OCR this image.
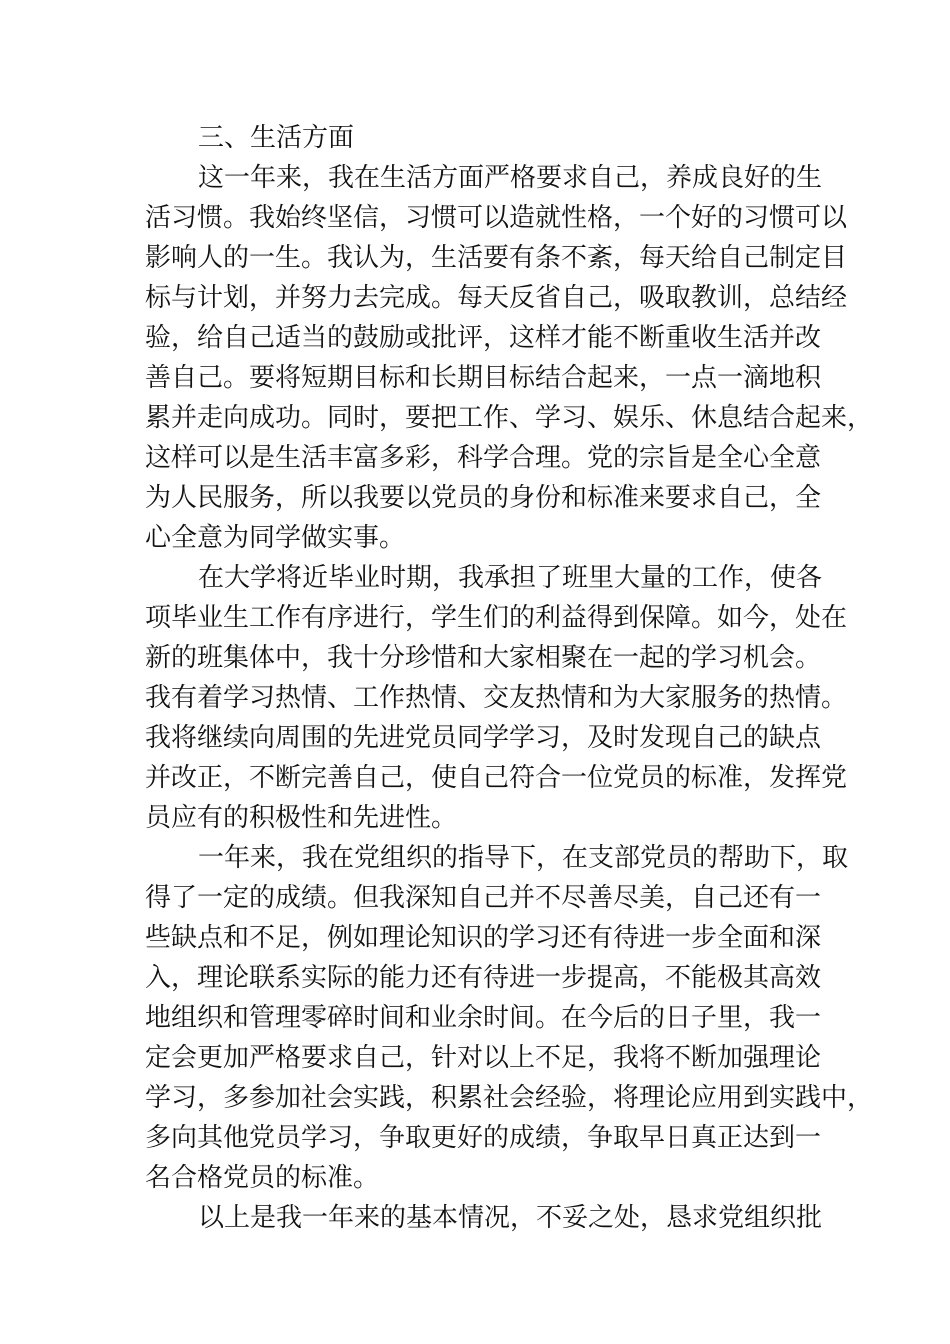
三、生活方面
这一年来，我在生活方面严格要求自己，养成良好的生
活习惯。我始终坚信，习惯可以造就性格，一个好的习惯可以
影响人的一生。我认为，生活要有条不紊，每天给自己制定目
标与计划，并努力去完成。每天反省自己，吸取教训，总结经
验，给自己适当的鼓励或批评，这样才能不断重收生活并改
善自己。要将短期目标和长期目标结合起来，一点一滴地积
累并走向成功。同时，要把工作、学习、娱乐、休息结合起来，
这样可以是生活丰富多彩，科学合理。党的宗旨是全心全意
为人民服务，所以我要以党员的身份和标准来要求自己，全
心全意为同学做实事。
在大学将近毕业时期，我承担了班里大量的工作，使各
项毕业生工作有序进行，学生们的利益得到保障。如今，处在
新的班集体中，我十分珍惜和大家相聚在一起的学习机会。
我有着学习热情、工作热情、交友热情和为大家服务的热情。
我将继续向周围的先进党员同学学习，及时发现自己的缺点
并改正，不断完善自己，使自己符合一位党员的标准，发挥党
员应有的积极性和先进性。
一年来，我在党组织的指导下，在支部党员的帮助下，取
得了一定的成绩。但我深知自己并不尽善尽美，自己还有一
些缺点和不足，例如理论知识的学习还有待进一步全面和深
入，理论联系实际的能力还有待进一步提高，不能极其高效
地组织和管理零碎时间和业余时间。在今后的日子里，我一
定会更加严格要求自己，针对以上不足，我将不断加强理论
学习，多参加社会实践，积累社会经验，将理论应用到实践中，
多向其他党员学习，争取更好的成绩，争取早日真正达到一
名合格党员的标准。
以上是我一年来的基本情况，不妥之处，恳求党组织批
